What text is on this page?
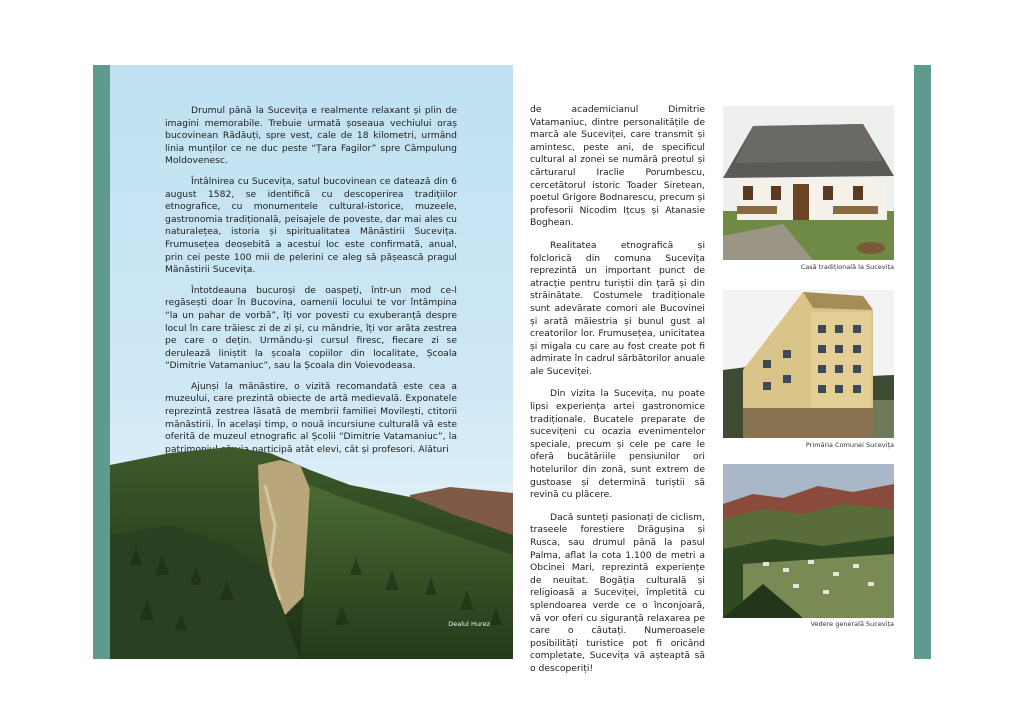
Drumul până la Sucevița e realmente relaxant și plin de imagini memorabile. Trebuie urmată șoseaua vechiului oraș bucovinean Rădăuți, spre vest, cale de 18 kilometri, urmând linia munților ce ne duc peste “Țara Fagilor” spre Câmpulung Moldovenesc.

Întâlnirea cu Sucevița, satul bucovinean ce datează din 6 august 1582, se identifică cu descoperirea tradițiilor etnografice, cu monumentele cultural-istorice, muzeele, gastronomia tradițională, peisajele de poveste, dar mai ales cu naturalețea, istoria și spiritualitatea Mănăstirii Sucevița. Frumusețea deosebită a acestui loc este confirmată, anual, prin cei peste 100 mii de pelerini ce aleg să pășească pragul Mănăstirii Sucevița.

Întotdeauna bucuroși de oaspeți, într-un mod ce-l regăsești doar în Bucovina, oamenii locului te vor întâmpina “la un pahar de vorbă”, îți vor povesti cu exuberanță despre locul în care trăiesc zi de zi și, cu mândrie, îți vor arăta zestrea pe care o dețin. Urmându-și cursul firesc, fiecare zi se derulează liniștit la școala copiilor din localitate, Școala “Dimitrie Vatamaniuc”, sau la Școala din Voievodeasa.

Ajunși la mănăstire, o vizită recomandată este cea a muzeului, care prezintă obiecte de artă medievală. Exponatele reprezintă zestrea lăsată de membrii familiei Movilești, ctitorii mănăstirii. În același timp, o nouă incursiune culturală vă este oferită de muzeul etnografic al Școlii “Dimitrie Vatamaniuc”, la patrimoniul căruia participă atât elevi, cât și profesori. Alături

Dealul Hurez

de academicianul Dimitrie Vatamaniuc, dintre personalitățile de marcă ale Suceviței, care transmit și amintesc, peste ani, de specificul cultural al zonei se numără preotul și cărturarul Iraclie Porumbescu, cercetătorul istoric Toader Siretean, poetul Grigore Bodnarescu, precum și profesorii Nicodim Ițcuș și Atanasie Boghean.

Realitatea etnografică și folclorică din comuna Sucevița reprezintă un important punct de atracție pentru turiștii din țară și din străinătate. Costumele tradiționale sunt adevărate comori ale Bucovinei și arată măiestria și bunul gust al creatorilor lor. Frumusețea, unicitatea și migala cu care au fost create pot fi admirate în cadrul sărbătorilor anuale ale Suceviței.

Din vizita la Sucevița, nu poate lipsi experiența artei gastronomice tradiționale. Bucatele preparate de sucevițeni cu ocazia evenimentelor speciale, precum și cele pe care le oferă bucătăriile pensiunilor ori hotelurilor din zonă, sunt extrem de gustoase și determină turiștii să revină cu plăcere.

Dacă sunteți pasionați de ciclism, traseele forestiere Drăgușina și Rusca, sau drumul până la pasul Palma, aflat la cota 1.100 de metri a Obcinei Mari, reprezintă experiențe de neuitat. Bogăția culturală și religioasă a Suceviței, împletită cu splendoarea verde ce o înconjoară, vă vor oferi cu siguranță relaxarea pe care o căutați. Numeroasele posibilități turistice pot fi oricând completate, Sucevița vă așteaptă să o descoperiți!

Casă tradițională la Sucevița
Primăria Comunei Sucevița
Vedere generală Sucevița
